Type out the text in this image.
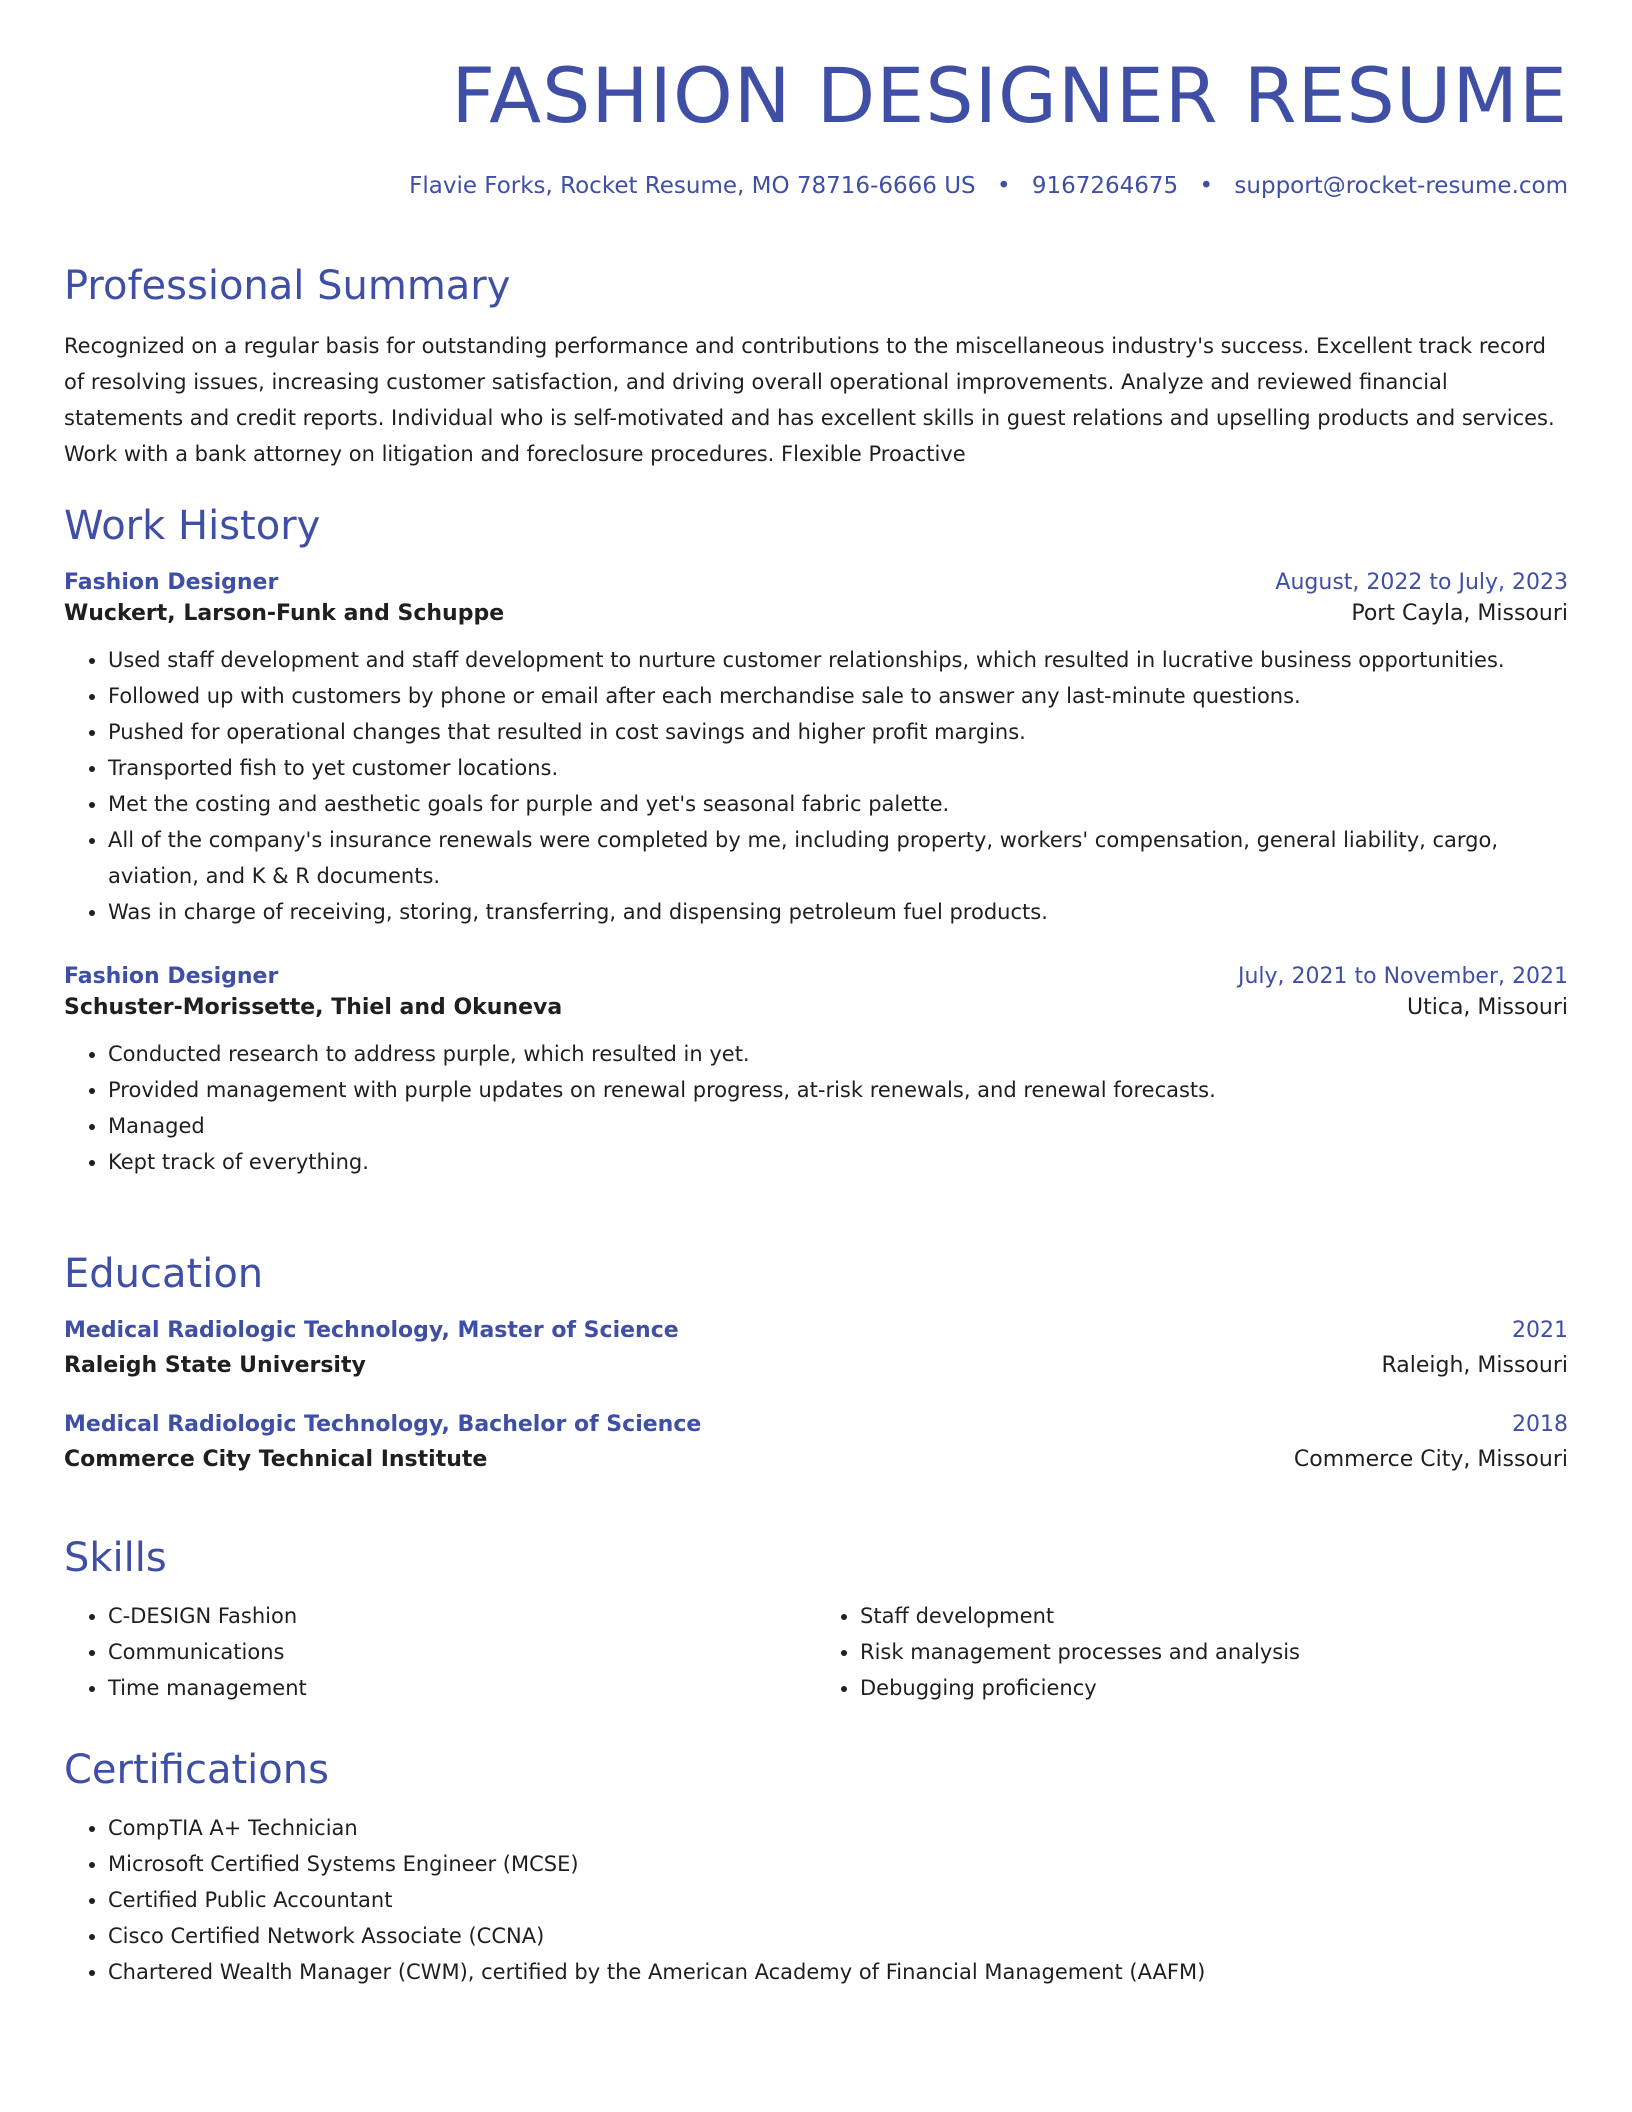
FASHION DESIGNER RESUME
Flavie Forks, Rocket Resume, MO 78716-6666 US • 9167264675 • support@rocket-resume.com
Professional Summary

Recognized on a regular basis for outstanding performance and contributions to the miscellaneous industry's success. Excellent track record of resolving issues, increasing customer satisfaction, and driving overall operational improvements. Analyze and reviewed financial statements and credit reports. Individual who is self-motivated and has excellent skills in guest relations and upselling products and services. Work with a bank attorney on litigation and foreclosure procedures. Flexible Proactive

Work History
Fashion Designer	August, 2022 to July, 2023
Wuckert, Larson-Funk and Schuppe	Port Cayla, Missouri
• Used staff development and staff development to nurture customer relationships, which resulted in lucrative business opportunities.
• Followed up with customers by phone or email after each merchandise sale to answer any last-minute questions.
• Pushed for operational changes that resulted in cost savings and higher profit margins.
• Transported fish to yet customer locations.
• Met the costing and aesthetic goals for purple and yet's seasonal fabric palette.
• All of the company's insurance renewals were completed by me, including property, workers' compensation, general liability, cargo, aviation, and K & R documents.
• Was in charge of receiving, storing, transferring, and dispensing petroleum fuel products.
Fashion Designer	July, 2021 to November, 2021
Schuster-Morissette, Thiel and Okuneva	Utica, Missouri
• Conducted research to address purple, which resulted in yet.
• Provided management with purple updates on renewal progress, at-risk renewals, and renewal forecasts.
• Managed
• Kept track of everything.
Education
Medical Radiologic Technology, Master of Science	2021
Raleigh State University	Raleigh, Missouri
Medical Radiologic Technology, Bachelor of Science	2018
Commerce City Technical Institute	Commerce City, Missouri
Skills
• C-DESIGN Fashion
• Communications
• Time management
• Staff development
• Risk management processes and analysis
• Debugging proficiency
Certifications
• CompTIA A+ Technician
• Microsoft Certified Systems Engineer (MCSE)
• Certified Public Accountant
• Cisco Certified Network Associate (CCNA)
• Chartered Wealth Manager (CWM), certified by the American Academy of Financial Management (AAFM)
